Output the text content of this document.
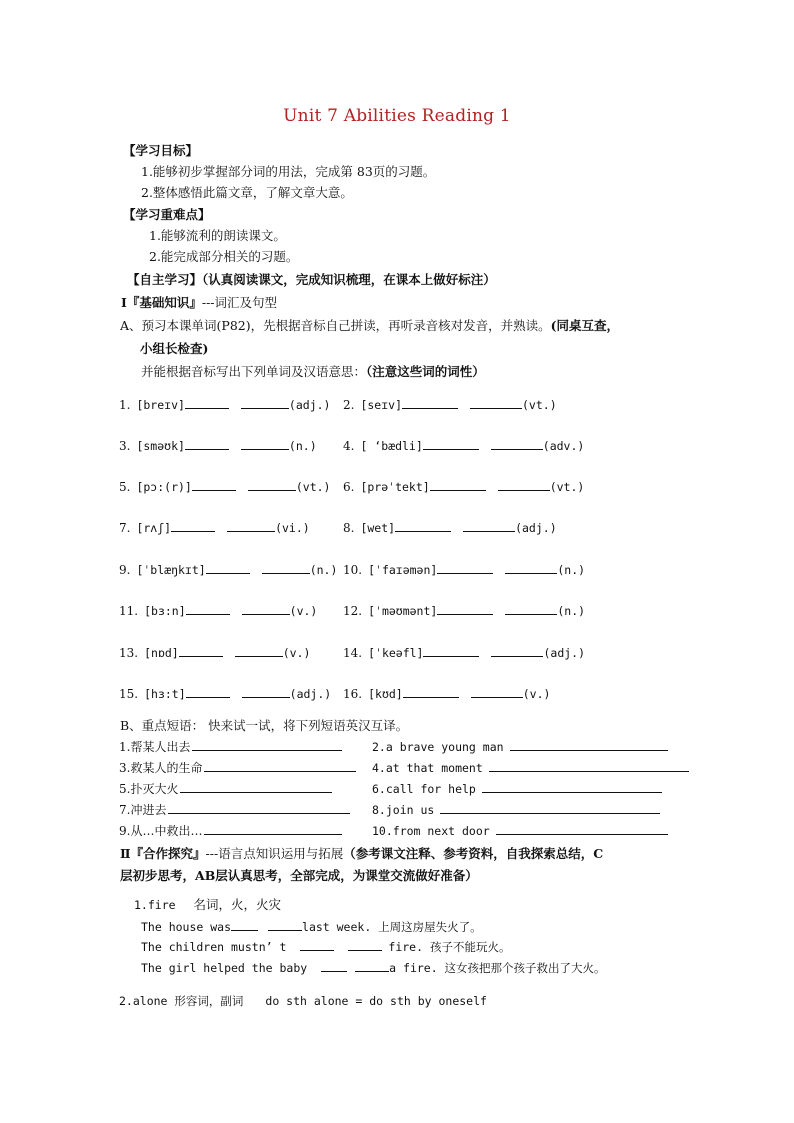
Unit 7 Abilities Reading 1
【学习目标】
1.能够初步掌握部分词的用法，完成第 83页的习题。
2.整体感悟此篇文章，了解文章大意。
【学习重难点】
1.能够流利的朗读课文。
2.能完成部分相关的习题。
【自主学习】（认真阅读课文，完成知识梳理，在课本上做好标注）
Ⅰ『基础知识』---词汇及句型
A、预习本课单词(P82)，先根据音标自己拼读，再听录音核对发音，并熟读。(同桌互查，
小组长检查)
并能根据音标写出下列单词及汉语意思：（注意这些词的词性）
1. [breɪv]	(adj.) 2. [seɪv]	(vt.)
3. [sməʊk]	(n.) 4. [ ‘bædli]	(adv.)
5. [pɔ:(r)]	(vt.) 6. [prəˈtekt]	(vt.)
7. [rʌʃ]	(vi.)	8. [wet]	(adj.)
9. [ˈblæŋkɪt]	(n.) 10. [ˈfaɪəmən]	(n.)
11. [bɜ:n]	(v.) 12. [ˈməʊmənt]	(n.)
13. [nɒd]	(v.)	14. [ˈkeəfl]	(adj.)
15. [hɜ:t]	(adj.) 16. [kʊd]	(v.)
B、重点短语： 快来试一试，将下列短语英汉互译。
1.帮某人出去	2.a brave young man
3.救某人的生命	4.at that moment
5.扑灭大火	6.call for help
7.冲进去	8.join us
9.从…中救出…	10.from next door
Ⅱ『合作探究』---语言点知识运用与拓展（参考课文注释、参考资料，自我探索总结，C
层初步思考，AB层认真思考，全部完成，为课堂交流做好准备）
1.fire 名词，火，火灾
The house was	last week. 上周这房屋失火了。
The children mustn’ t	fire. 孩子不能玩火。
The girl helped the baby	a fire. 这女孩把那个孩子救出了大火。
2.alone 形容词，副词 do sth alone = do sth by oneself
